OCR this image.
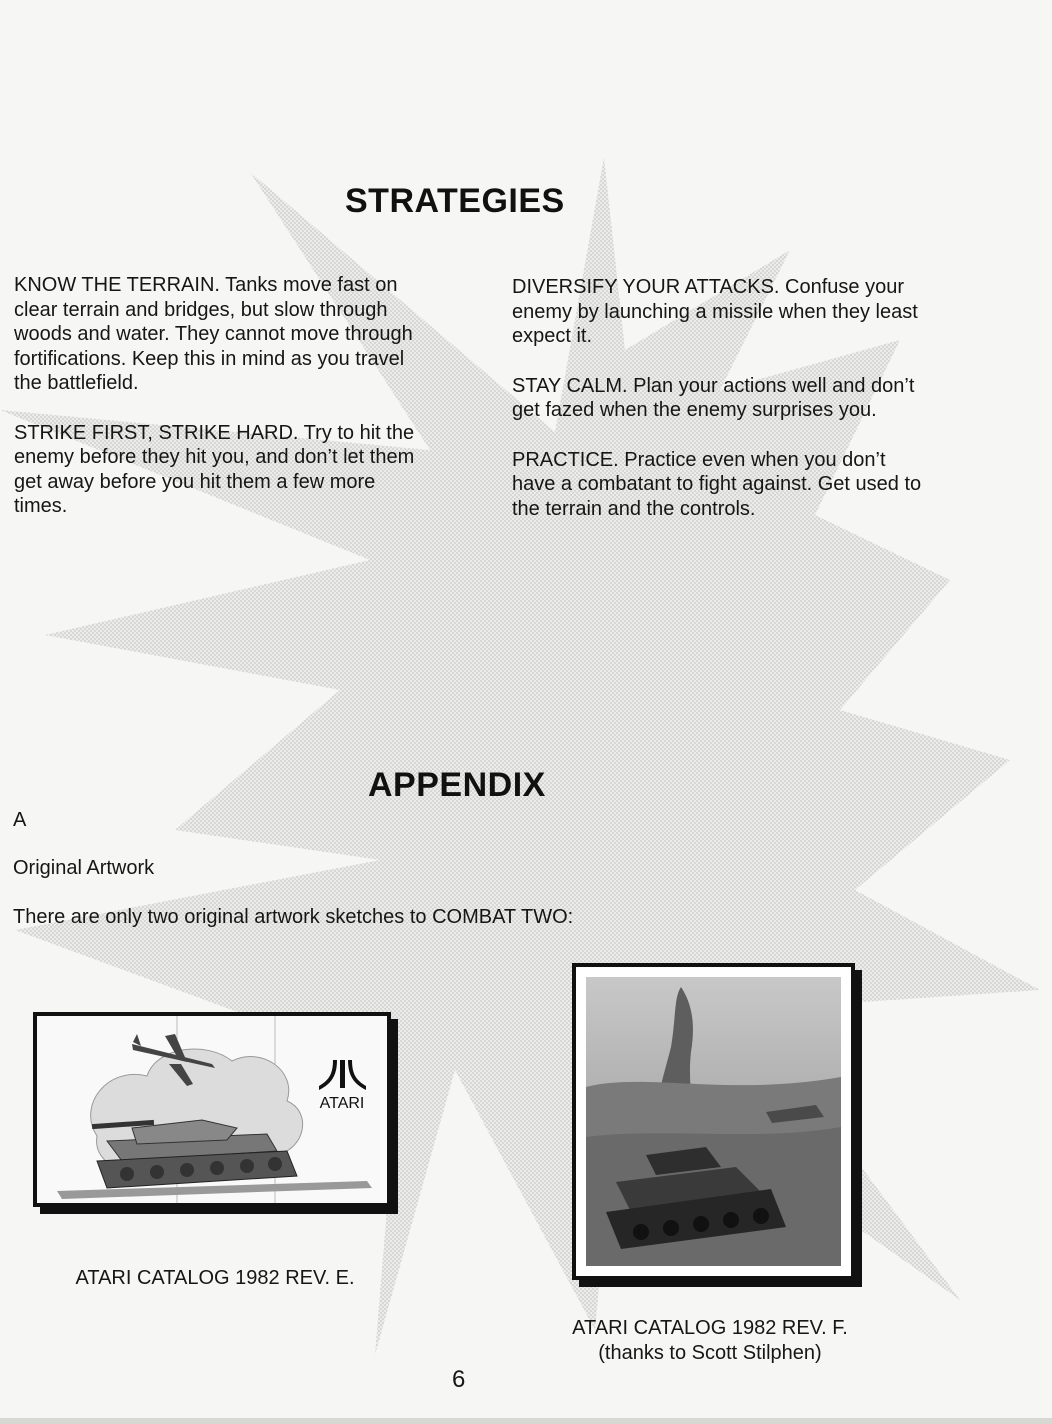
STRATEGIES

KNOW THE TERRAIN. Tanks move fast on clear terrain and bridges, but slow through woods and water. They cannot move through fortifications. Keep this in mind as you travel the battlefield.

STRIKE FIRST, STRIKE HARD. Try to hit the enemy before they hit you, and don’t let them get away before you hit them a few more times.

DIVERSIFY YOUR ATTACKS. Confuse your enemy by launching a missile when they least expect it.

STAY CALM. Plan your actions well and don’t get fazed when the enemy surprises you.

PRACTICE. Practice even when you don’t have a combatant to fight against. Get used to the terrain and the controls.

APPENDIX

A

Original Artwork

There are only two original artwork sketches to COMBAT TWO:

ATARI
ATARI CATALOG 1982 REV. E.
ATARI CATALOG 1982 REV. F.
(thanks to Scott Stilphen)
6
